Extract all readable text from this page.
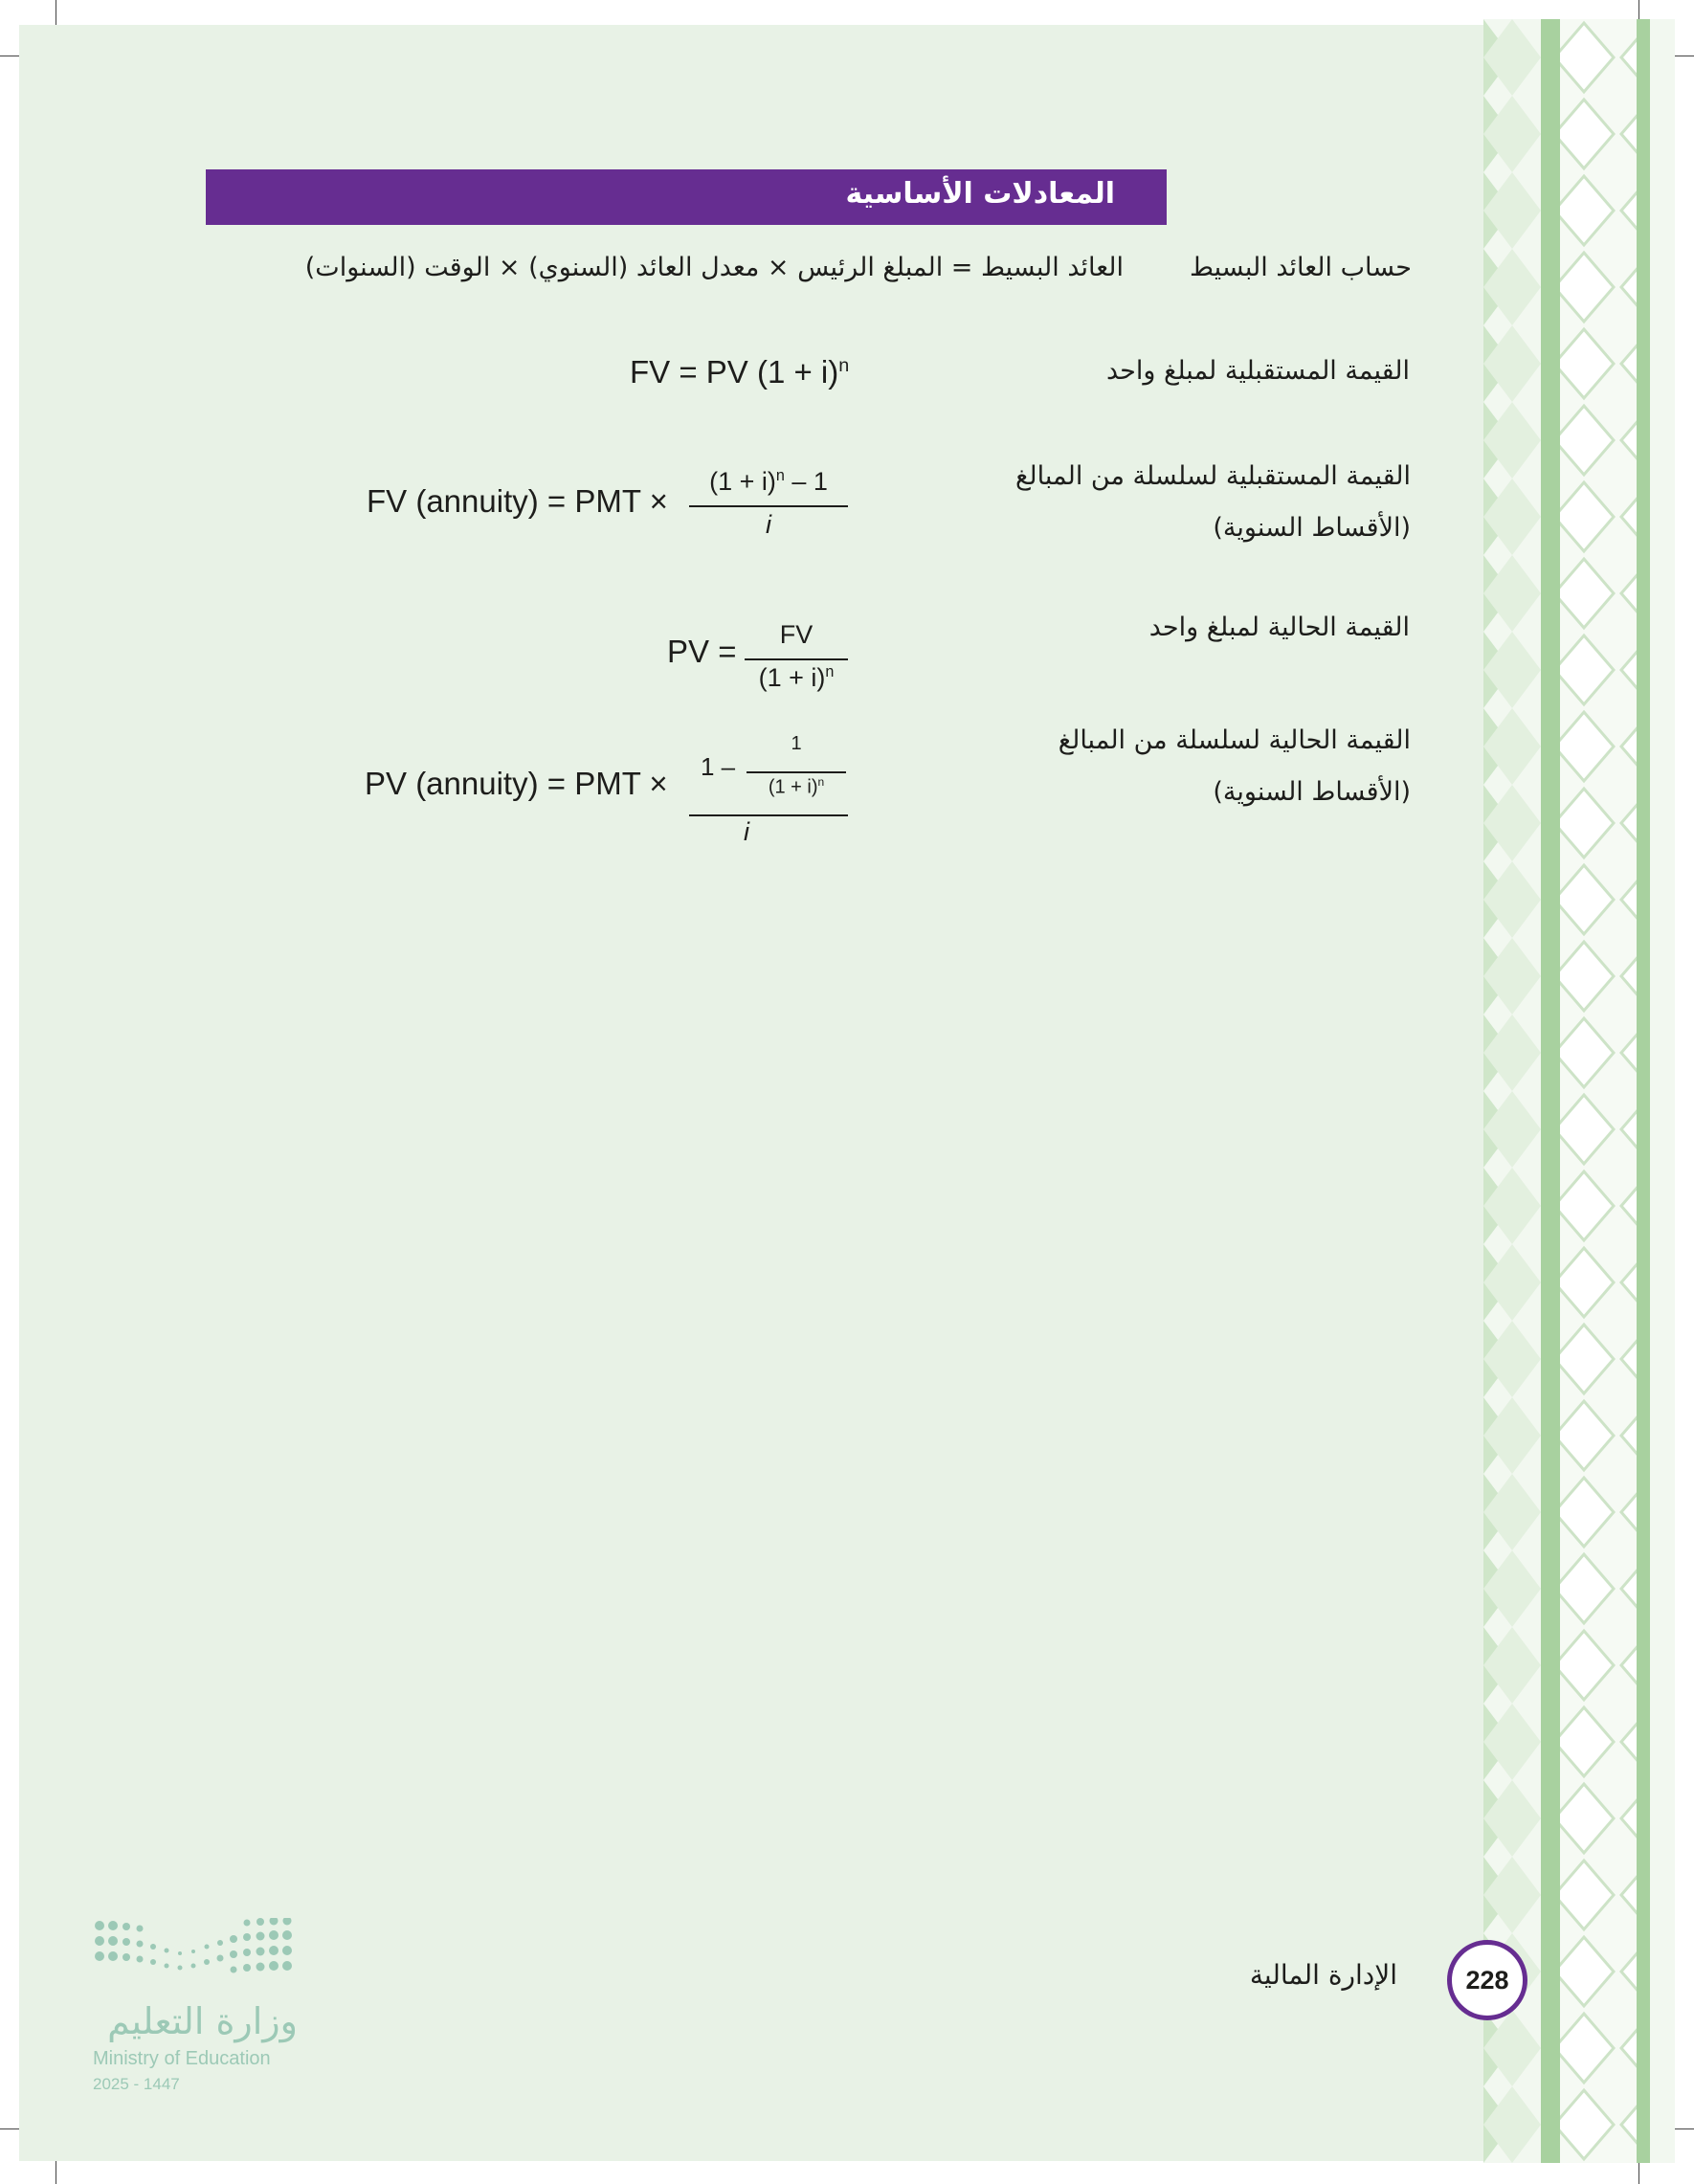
المعادلات الأساسية
حساب العائد البسيط
العائد البسيط = المبلغ الرئيس × معدل العائد (السنوي) × الوقت (السنوات)
القيمة المستقبلية لمبلغ واحد
FV = PV $(1 + i)^n$
القيمة المستقبلية لسلسلة من المبالغ
(الأقساط السنوية)
FV (annuity) = PMT ×
$(1 + i)^n - 1$
i
القيمة الحالية لمبلغ واحد
PV =	FV
$(1 + i)^n$
القيمة الحالية لسلسلة من المبالغ
(الأقساط السنوية)
PV (annuity) = PMT × 1 –
1
$(1 + i)^n$
i
الإدارة المالية	228
وزارة التعليم
Ministry of Education
2025 - 1447
